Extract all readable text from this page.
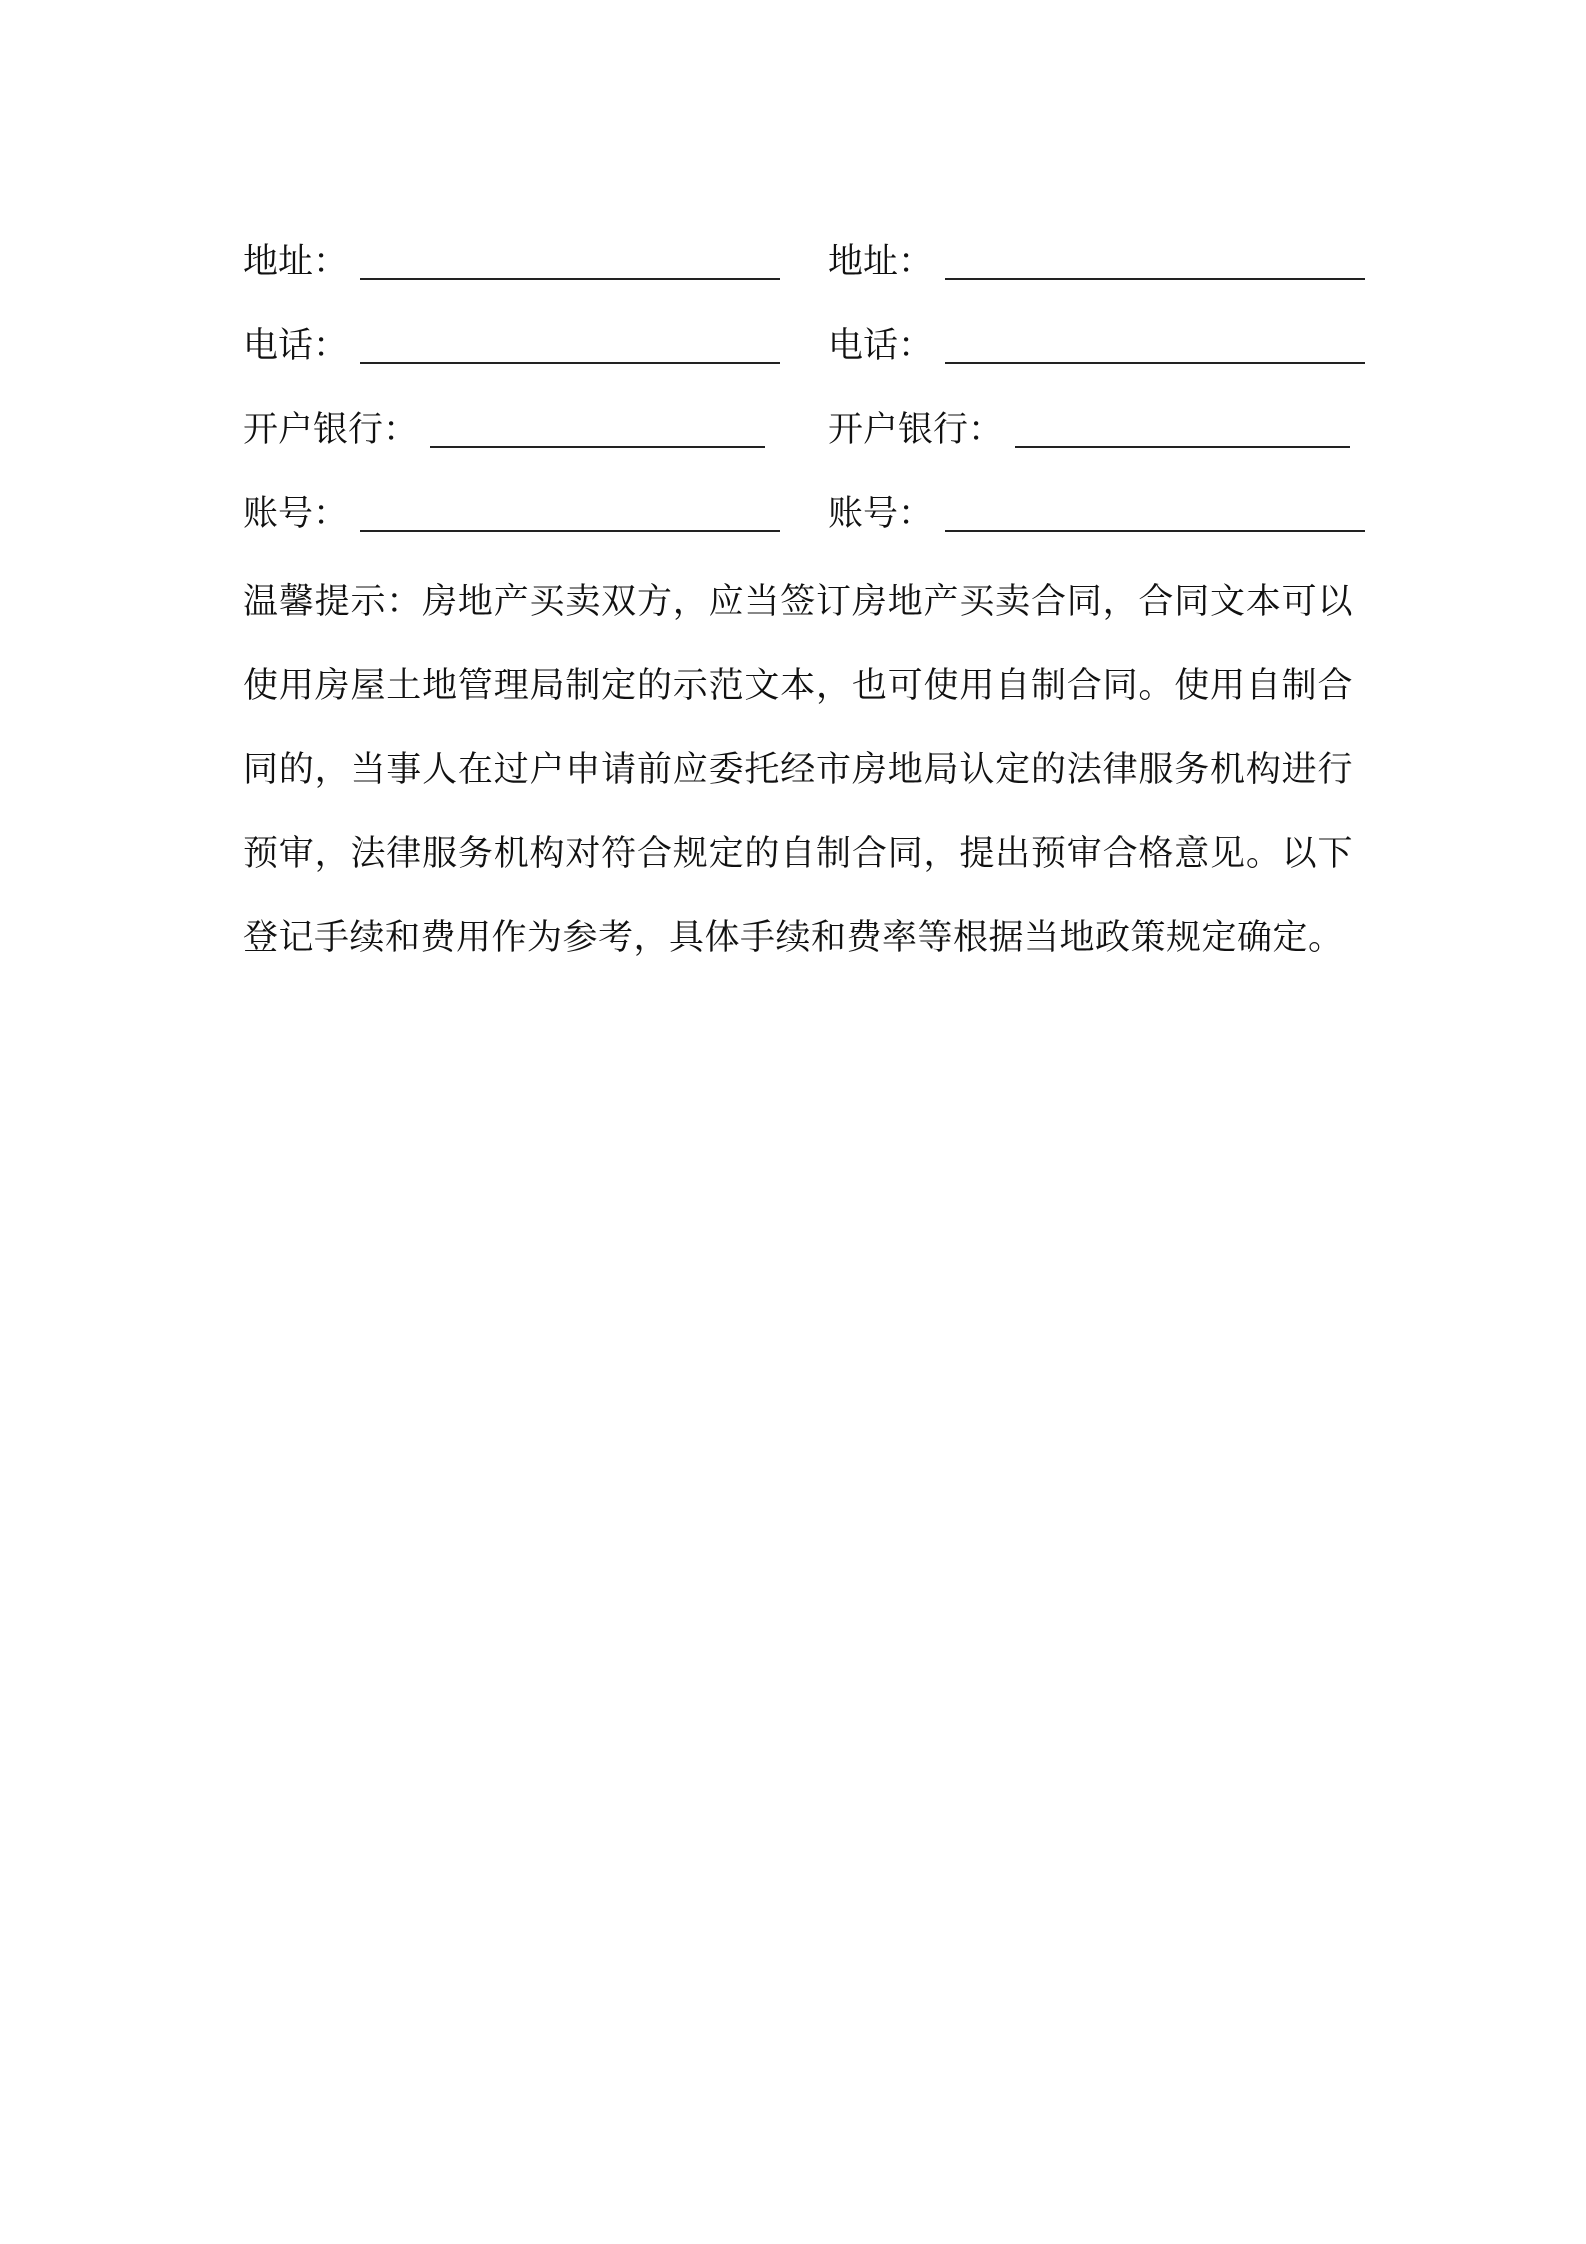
地址：	地址：
电话：	电话：
开户银行：	开户银行：
账号：	账号：

温馨提示：房地产买卖双方，应当签订房地产买卖合同，合同文本可以使用房屋土地管理局制定的示范文本，也可使用自制合同。使用自制合同的，当事人在过户申请前应委托经市房地局认定的法律服务机构进行预审，法律服务机构对符合规定的自制合同，提出预审合格意见。以下登记手续和费用作为参考，具体手续和费率等根据当地政策规定确定。
